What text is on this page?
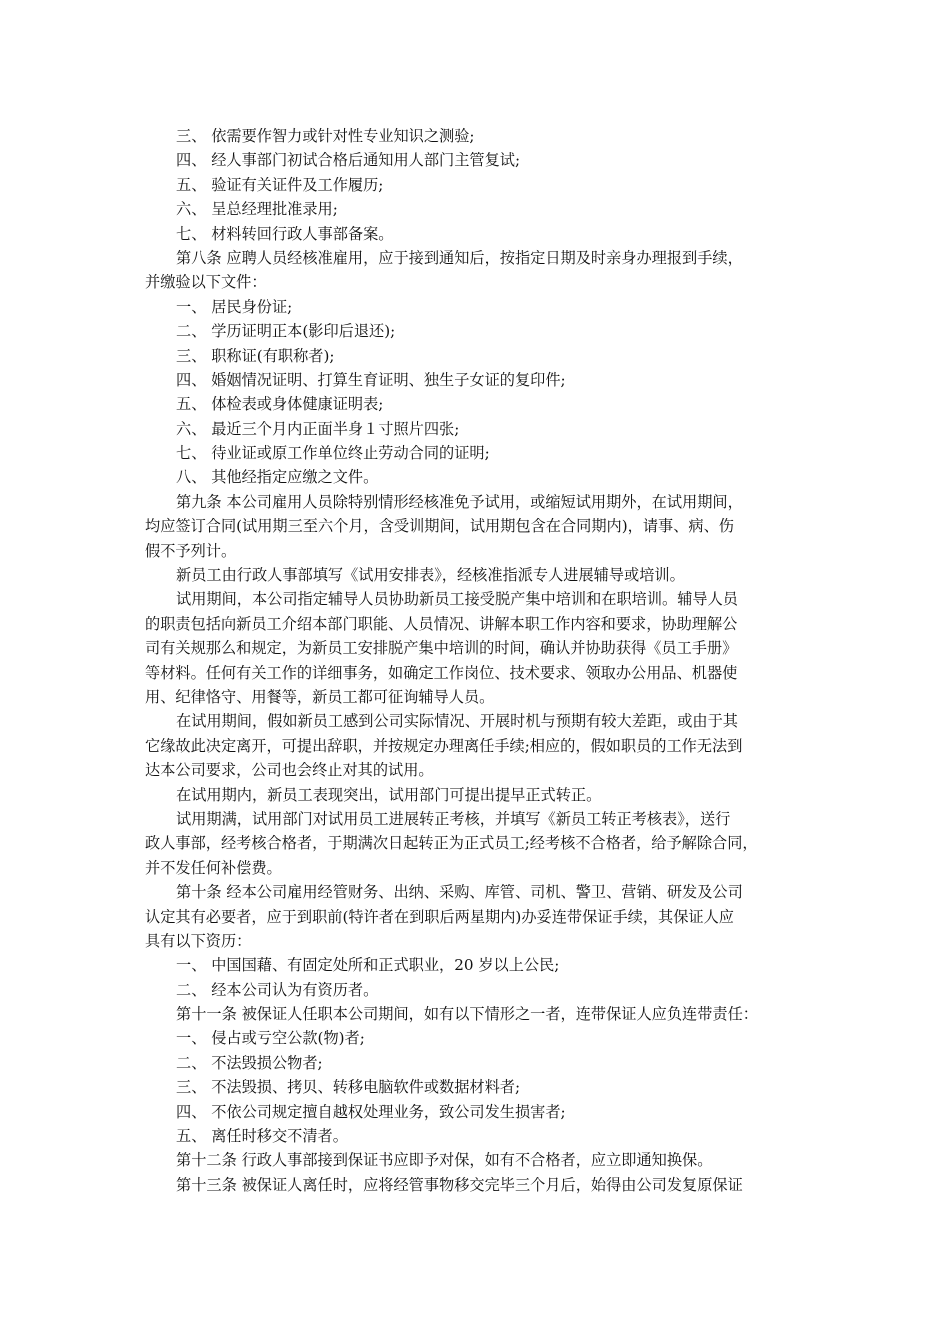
三、 依需要作智力或针对性专业知识之测验;
四、 经人事部门初试合格后通知用人部门主管复试;
五、 验证有关证件及工作履历;
六、 呈总经理批准录用;
七、 材料转回行政人事部备案。
第八条 应聘人员经核准雇用，应于接到通知后，按指定日期及时亲身办理报到手续，
并缴验以下文件：
一、 居民身份证;
二、 学历证明正本(影印后退还);
三、 职称证(有职称者);
四、 婚姻情况证明、打算生育证明、独生子女证的复印件;
五、 体检表或身体健康证明表;
六、 最近三个月内正面半身１寸照片四张;
七、 待业证或原工作单位终止劳动合同的证明;
八、 其他经指定应缴之文件。
第九条 本公司雇用人员除特别情形经核准免予试用，或缩短试用期外，在试用期间，
均应签订合同(试用期三至六个月，含受训期间，试用期包含在合同期内)，请事、病、伤
假不予列计。
新员工由行政人事部填写《试用安排表》，经核准指派专人进展辅导或培训。
试用期间，本公司指定辅导人员协助新员工接受脱产集中培训和在职培训。辅导人员
的职责包括向新员工介绍本部门职能、人员情况、讲解本职工作内容和要求，协助理解公
司有关规那么和规定，为新员工安排脱产集中培训的时间，确认并协助获得《员工手册》
等材料。任何有关工作的详细事务，如确定工作岗位、技术要求、领取办公用品、机器使
用、纪律恪守、用餐等，新员工都可征询辅导人员。
在试用期间，假如新员工感到公司实际情况、开展时机与预期有较大差距，或由于其
它缘故此决定离开，可提出辞职，并按规定办理离任手续;相应的，假如职员的工作无法到
达本公司要求，公司也会终止对其的试用。
在试用期内，新员工表现突出，试用部门可提出提早正式转正。
试用期满，试用部门对试用员工进展转正考核，并填写《新员工转正考核表》，送行
政人事部，经考核合格者，于期满次日起转正为正式员工;经考核不合格者，给予解除合同，
并不发任何补偿费。
第十条 经本公司雇用经管财务、出纳、采购、库管、司机、警卫、营销、研发及公司
认定其有必要者，应于到职前(特许者在到职后两星期内)办妥连带保证手续，其保证人应
具有以下资历：
一、 中国国藉、有固定处所和正式职业，20 岁以上公民;
二、 经本公司认为有资历者。
第十一条 被保证人任职本公司期间，如有以下情形之一者，连带保证人应负连带责任：
一、 侵占或亏空公款(物)者;
二、 不法毁损公物者;
三、 不法毁损、拷贝、转移电脑软件或数据材料者;
四、 不依公司规定擅自越权处理业务，致公司发生损害者;
五、 离任时移交不清者。
第十二条 行政人事部接到保证书应即予对保，如有不合格者，应立即通知换保。
第十三条 被保证人离任时，应将经管事物移交完毕三个月后，始得由公司发复原保证
